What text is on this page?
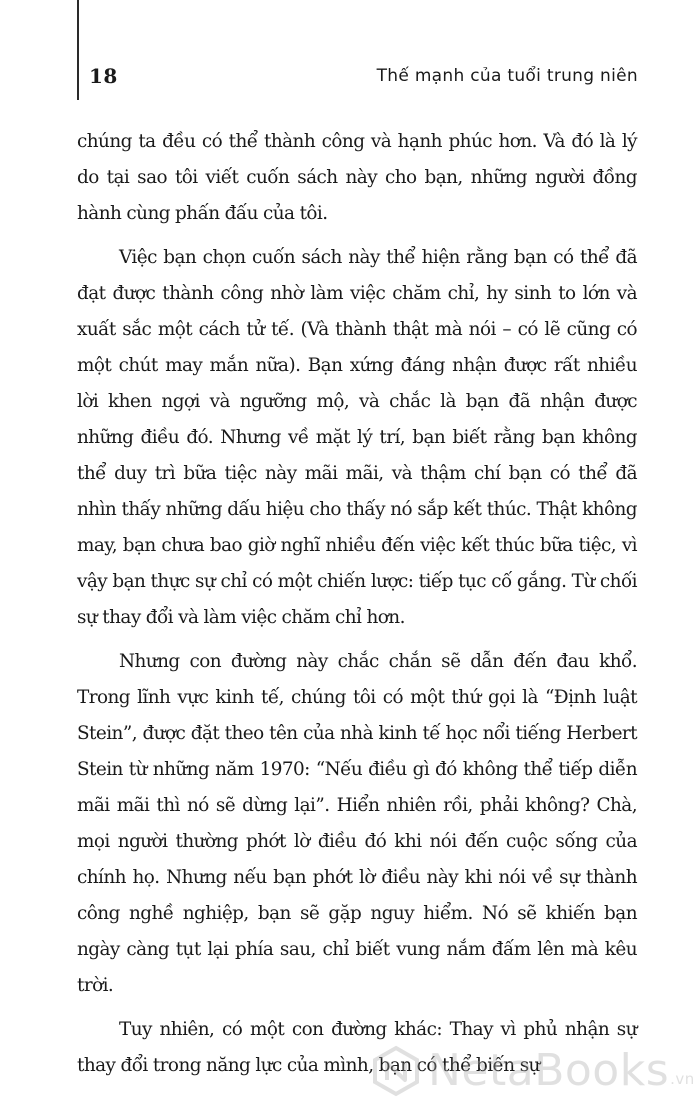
18	Thế mạnh của tuổi trung niên

chúng ta đều có thể thành công và hạnh phúc hơn. Và đó là lý do tại sao tôi viết cuốn sách này cho bạn, những người đồng hành cùng phấn đấu của tôi.

Việc bạn chọn cuốn sách này thể hiện rằng bạn có thể đã đạt được thành công nhờ làm việc chăm chỉ, hy sinh to lớn và xuất sắc một cách tử tế. (Và thành thật mà nói – có lẽ cũng có một chút may mắn nữa). Bạn xứng đáng nhận được rất nhiều lời khen ngợi và ngưỡng mộ, và chắc là bạn đã nhận được những điều đó. Nhưng về mặt lý trí, bạn biết rằng bạn không thể duy trì bữa tiệc này mãi mãi, và thậm chí bạn có thể đã nhìn thấy những dấu hiệu cho thấy nó sắp kết thúc. Thật không may, bạn chưa bao giờ nghĩ nhiều đến việc kết thúc bữa tiệc, vì vậy bạn thực sự chỉ có một chiến lược: tiếp tục cố gắng. Từ chối sự thay đổi và làm việc chăm chỉ hơn.

Nhưng con đường này chắc chắn sẽ dẫn đến đau khổ. Trong lĩnh vực kinh tế, chúng tôi có một thứ gọi là “Định luật Stein”, được đặt theo tên của nhà kinh tế học nổi tiếng Herbert Stein từ những năm 1970: “Nếu điều gì đó không thể tiếp diễn mãi mãi thì nó sẽ dừng lại”. Hiển nhiên rồi, phải không? Chà, mọi người thường phớt lờ điều đó khi nói đến cuộc sống của chính họ. Nhưng nếu bạn phớt lờ điều này khi nói về sự thành công nghề nghiệp, bạn sẽ gặp nguy hiểm. Nó sẽ khiến bạn ngày càng tụt lại phía sau, chỉ biết vung nắm đấm lên mà kêu trời.

Tuy nhiên, có một con đường khác: Thay vì phủ nhận sự thay đổi trong năng lực của mình, bạn có thể biến sự

NetaBooks .vn
